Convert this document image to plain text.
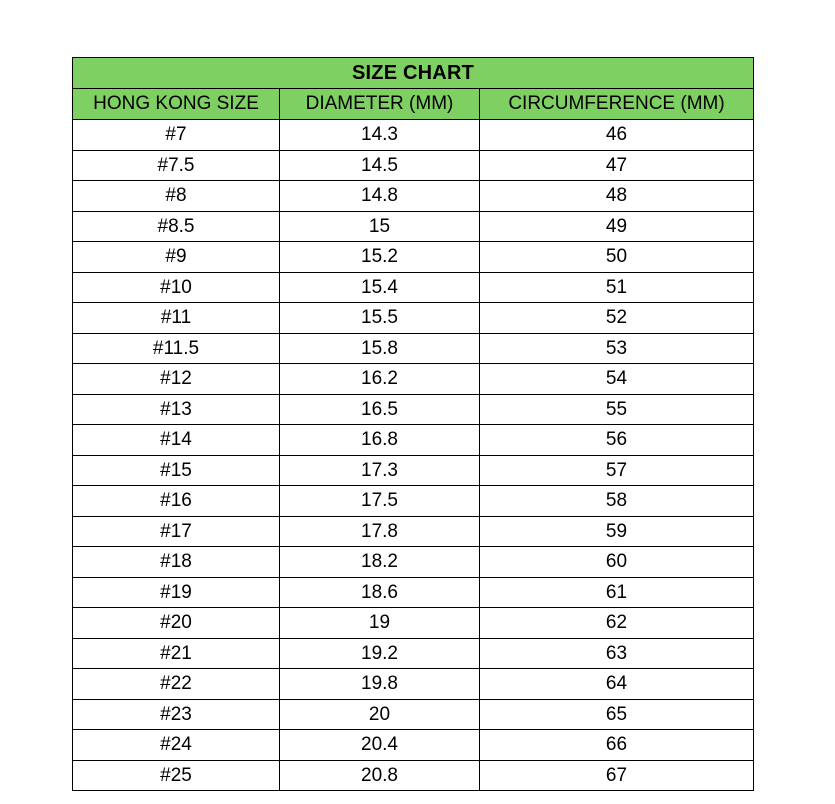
SIZE CHART		
HONG KONG SIZE	DIAMETER (MM)	CIRCUMFERENCE (MM)
#7	14.3	46
#7.5	14.5	47
#8	14.8	48
#8.5	15	49
#9	15.2	50
#10	15.4	51
#11	15.5	52
#11.5	15.8	53
#12	16.2	54
#13	16.5	55
#14	16.8	56
#15	17.3	57
#16	17.5	58
#17	17.8	59
#18	18.2	60
#19	18.6	61
#20	19	62
#21	19.2	63
#22	19.8	64
#23	20	65
#24	20.4	66
#25	20.8	67
